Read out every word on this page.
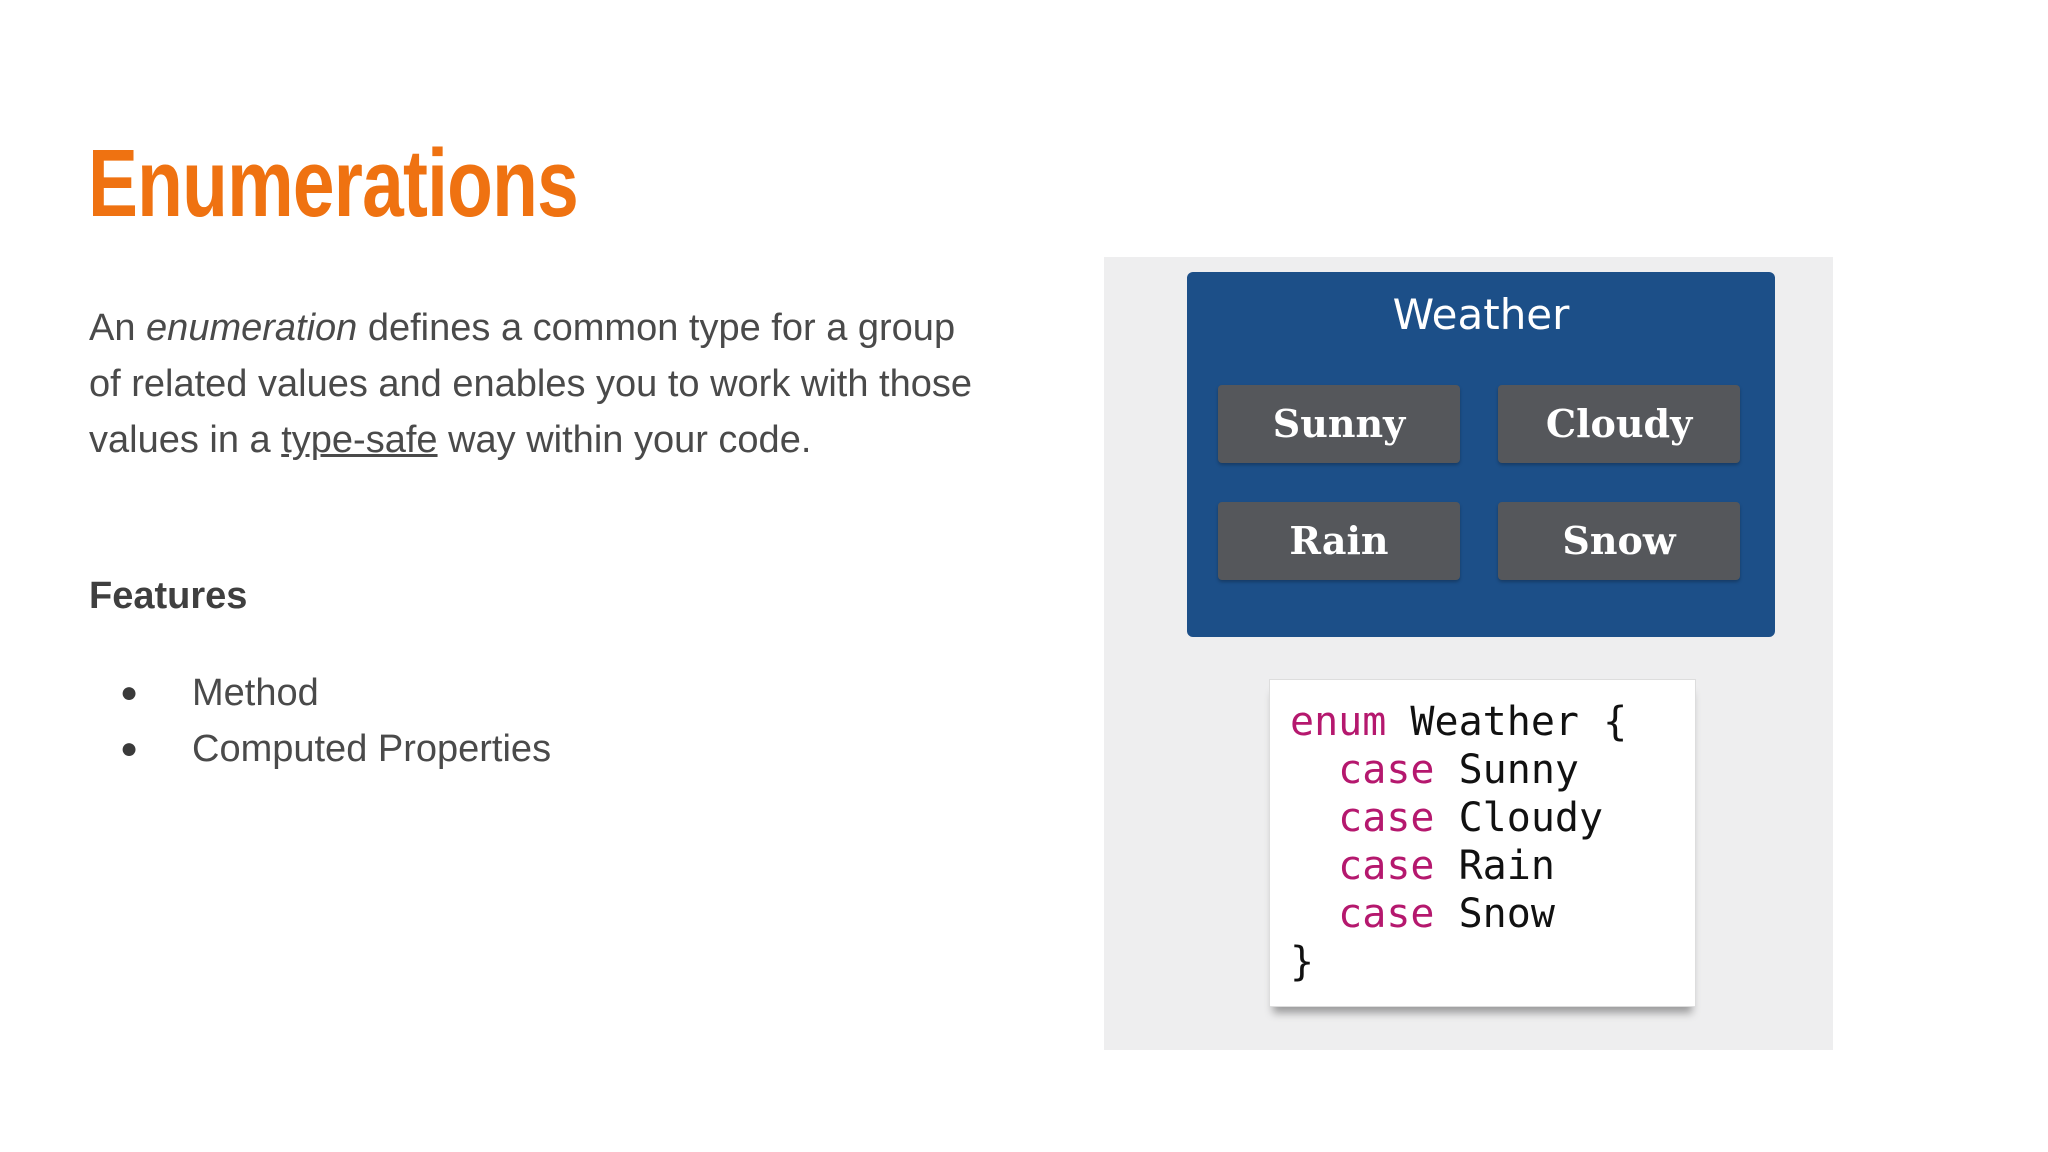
Enumerations
An enumeration defines a common type for a group of related values and enables you to work with those values in a type-safe way within your code.
Features
● Method
● Computed Properties
Weather
Sunny	Cloudy
Rain	Snow
enum Weather {
case Sunny
case Cloudy
case Rain
case Snow
}
